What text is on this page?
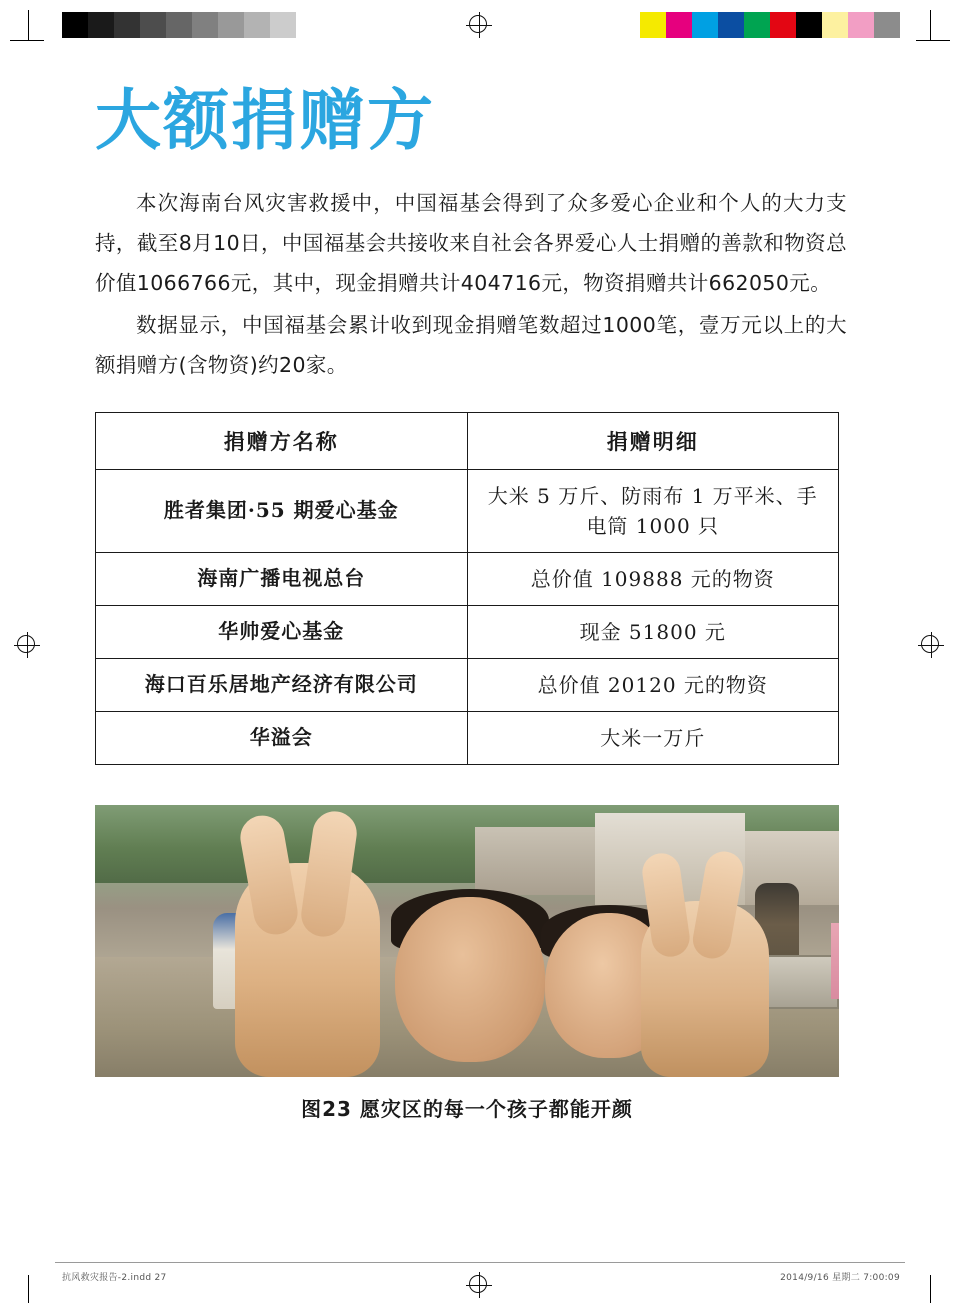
大额捐赠方

本次海南台风灾害救援中，中国福基会得到了众多爱心企业和个人的大力支持，截至8月10日，中国福基会共接收来自社会各界爱心人士捐赠的善款和物资总价值1066766元，其中，现金捐赠共计404716元，物资捐赠共计662050元。

数据显示，中国福基会累计收到现金捐赠笔数超过1000笔，壹万元以上的大额捐赠方(含物资)约20家。

捐赠方名称	捐赠明细
胜者集团·55 期爱心基金	大米 5 万斤、防雨布 1 万平米、手电筒 1000 只
海南广播电视总台	总价值 109888 元的物资
华帅爱心基金	现金 51800 元
海口百乐居地产经济有限公司	总价值 20120 元的物资
华溢会	大米一万斤
图23 愿灾区的每一个孩子都能开颜
抗风救灾报告-2.indd 27	2014/9/16 星期二 7:00:09
